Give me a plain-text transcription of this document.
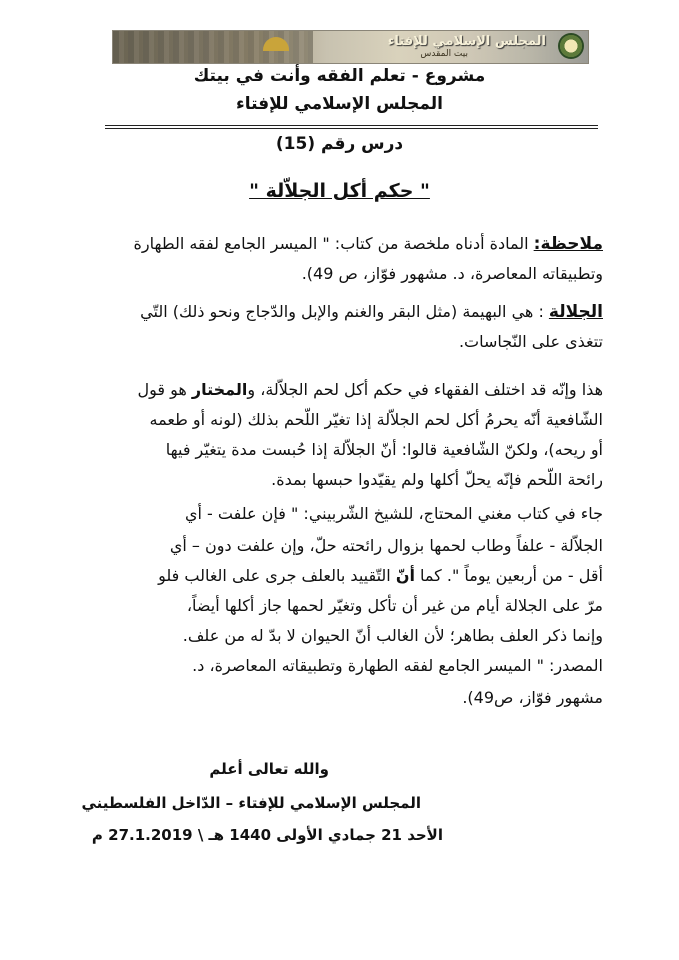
المجلس الإسلامي للإفتاء
بيت المقدس
مشروع - تعلم الفقه وأنت في بيتك
المجلس الإسلامي للإفتاء
درس رقم (15)
" حكم أكل الجلاّلة "
ملاحظة: المادة أدناه ملخصة من كتاب: " الميسر الجامع لفقه الطهارة
وتطبيقاته المعاصرة، د. مشهور فوّاز، ص 49).
الجلالة : هي البهيمة (مثل البقر والغنم والإبل والدّجاج ونحو ذلك) التّي
تتغذى على النّجاسات.
هذا وإنّه قد اختلف الفقهاء في حكم أكل لحم الجلاّلة، والمختار هو قول
الشّافعية أنّه يحرمُ أكل لحم الجلاّلة إذا تغيّر اللّحم بذلك (لونه أو طعمه
أو ريحه)، ولكنّ الشّافعية قالوا: أنّ الجلاّلة إذا حُبست مدة يتغيّر فيها
رائحة اللّحم فإنّه يحلّ أكلها ولم يقيّدوا حبسها بمدة.
جاء في كتاب مغني المحتاج، للشيخ الشّربيني: " فإن علفت - أي
الجلاّلة - علفاً وطاب لحمها بزوال رائحته حلّ، وإن علفت دون – أي
أقل - من أربعين يوماً ". كما أنّ التّقييد بالعلف جرى على الغالب فلو
مرّ على الجلالة أيام من غير أن تأكل وتغيّر لحمها جاز أكلها أيضاً،
وإنما ذكر العلف بطاهر؛ لأن الغالب أنّ الحيوان لا بدّ له من علف.
المصدر: " الميسر الجامع لفقه الطهارة وتطبيقاته المعاصرة، د.
مشهور فوّاز، ص49).
والله تعالى أعلم
المجلس الإسلامي للإفتاء – الدّاخل الفلسطيني
الأحد 21 جمادي الأولى 1440 هـ \ 27.1.2019 م
